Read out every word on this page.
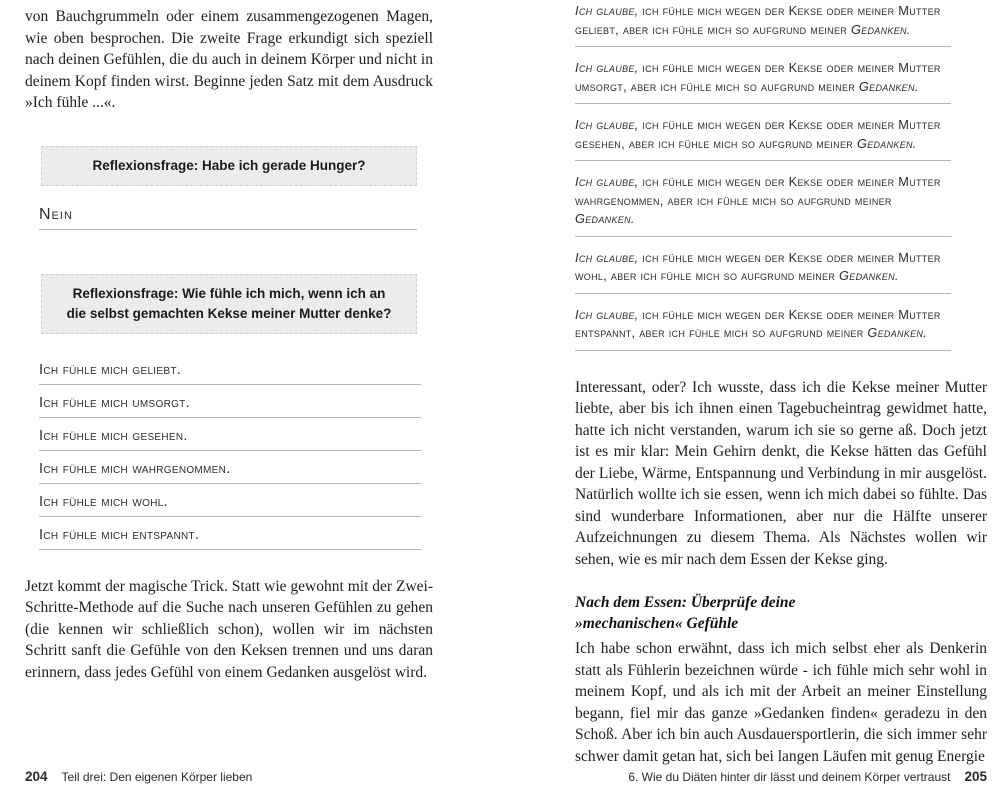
von Bauchgrummeln oder einem zusammengezogenen Magen, wie oben besprochen. Die zweite Frage erkundigt sich speziell nach deinen Gefühlen, die du auch in deinem Körper und nicht in deinem Kopf finden wirst. Beginne jeden Satz mit dem Ausdruck »Ich fühle ...«.

Reflexionsfrage: Habe ich gerade Hunger?
Nein
Reflexionsfrage: Wie fühle ich mich, wenn ich an die selbst gemachten Kekse meiner Mutter denke?
Ich fühle mich geliebt.
Ich fühle mich umsorgt.
Ich fühle mich gesehen.
Ich fühle mich wahrgenommen.
Ich fühle mich wohl.
Ich fühle mich entspannt.

Jetzt kommt der magische Trick. Statt wie gewohnt mit der Zwei-Schritte-Methode auf die Suche nach unseren Gefühlen zu gehen (die kennen wir schließlich schon), wollen wir im nächsten Schritt sanft die Gefühle von den Keksen trennen und uns daran erinnern, dass jedes Gefühl von einem Gedanken ausgelöst wird.

Ich glaube, ich fühle mich wegen der Kekse oder meiner Mutter
geliebt, aber ich fühle mich so aufgrund meiner Gedanken.
Ich glaube, ich fühle mich wegen der Kekse oder meiner Mutter
umsorgt, aber ich fühle mich so aufgrund meiner Gedanken.
Ich glaube, ich fühle mich wegen der Kekse oder meiner Mutter
gesehen, aber ich fühle mich so aufgrund meiner Gedanken.
Ich glaube, ich fühle mich wegen der Kekse oder meiner Mutter
wahrgenommen, aber ich fühle mich so aufgrund meiner
Gedanken.
Ich glaube, ich fühle mich wegen der Kekse oder meiner Mutter
wohl, aber ich fühle mich so aufgrund meiner Gedanken.
Ich glaube, ich fühle mich wegen der Kekse oder meiner Mutter
entspannt, aber ich fühle mich so aufgrund meiner Gedanken.

Interessant, oder? Ich wusste, dass ich die Kekse meiner Mutter liebte, aber bis ich ihnen einen Tagebucheintrag gewidmet hatte, hatte ich nicht verstanden, warum ich sie so gerne aß. Doch jetzt ist es mir klar: Mein Gehirn denkt, die Kekse hätten das Gefühl der Liebe, Wärme, Entspannung und Verbindung in mir ausgelöst. Natürlich wollte ich sie essen, wenn ich mich dabei so fühlte. Das sind wunderbare Informationen, aber nur die Hälfte unserer Aufzeichnungen zu diesem Thema. Als Nächstes wollen wir sehen, wie es mir nach dem Essen der Kekse ging.

Nach dem Essen: Überprüfe deine
»mechanischen« Gefühle

Ich habe schon erwähnt, dass ich mich selbst eher als Denkerin statt als Fühlerin bezeichnen würde - ich fühle mich sehr wohl in meinem Kopf, und als ich mit der Arbeit an meiner Einstellung begann, fiel mir das ganze »Gedanken finden« geradezu in den Schoß. Aber ich bin auch Ausdauersportlerin, die sich immer sehr schwer damit getan hat, sich bei langen Läufen mit genug Energie

204 Teil drei: Den eigenen Körper lieben	6. Wie du Diäten hinter dir lässt und deinem Körper vertraust 205
